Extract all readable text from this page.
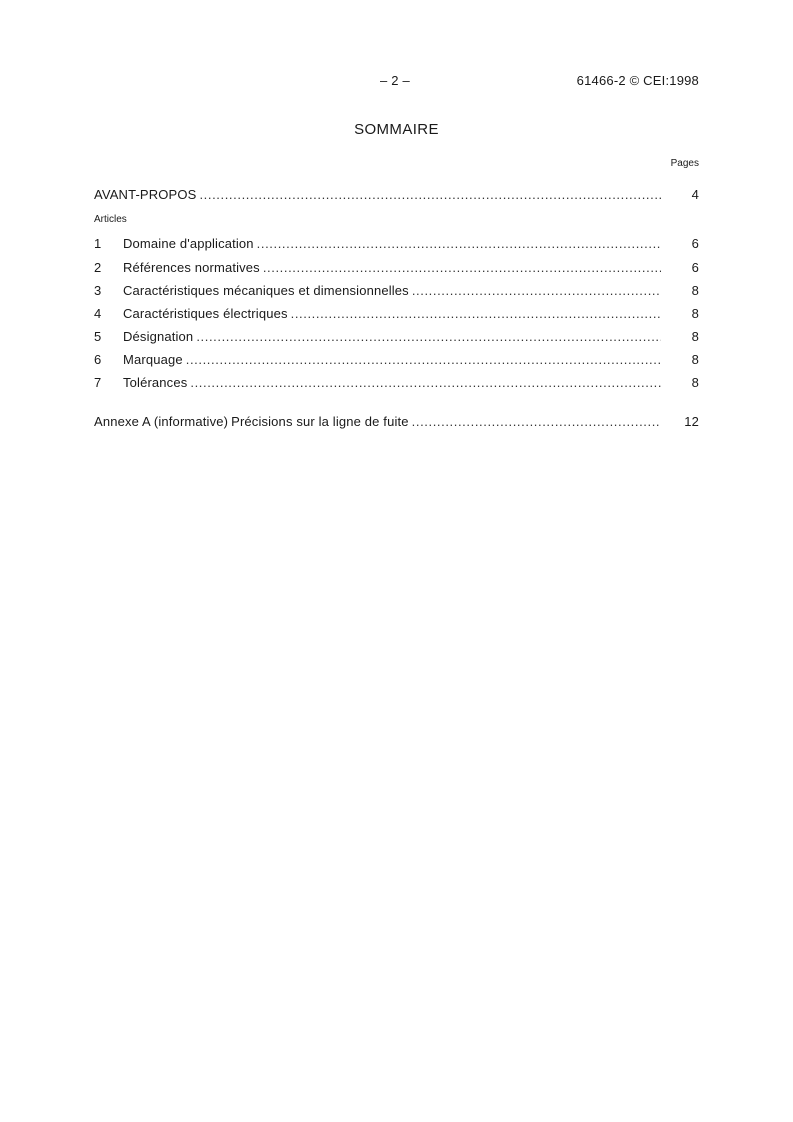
– 2 –	61466-2 © CEI:1998
SOMMAIRE
Pages
AVANT-PROPOS .....	4
Articles
1	Domaine d'application .....	6
2	Références normatives .....	6
3	Caractéristiques mécaniques et dimensionnelles .....	8
4	Caractéristiques électriques .....	8
5	Désignation .....	8
6	Marquage .....	8
7	Tolérances .....	8
Annexe A (informative) Précisions sur la ligne de fuite .....	12
